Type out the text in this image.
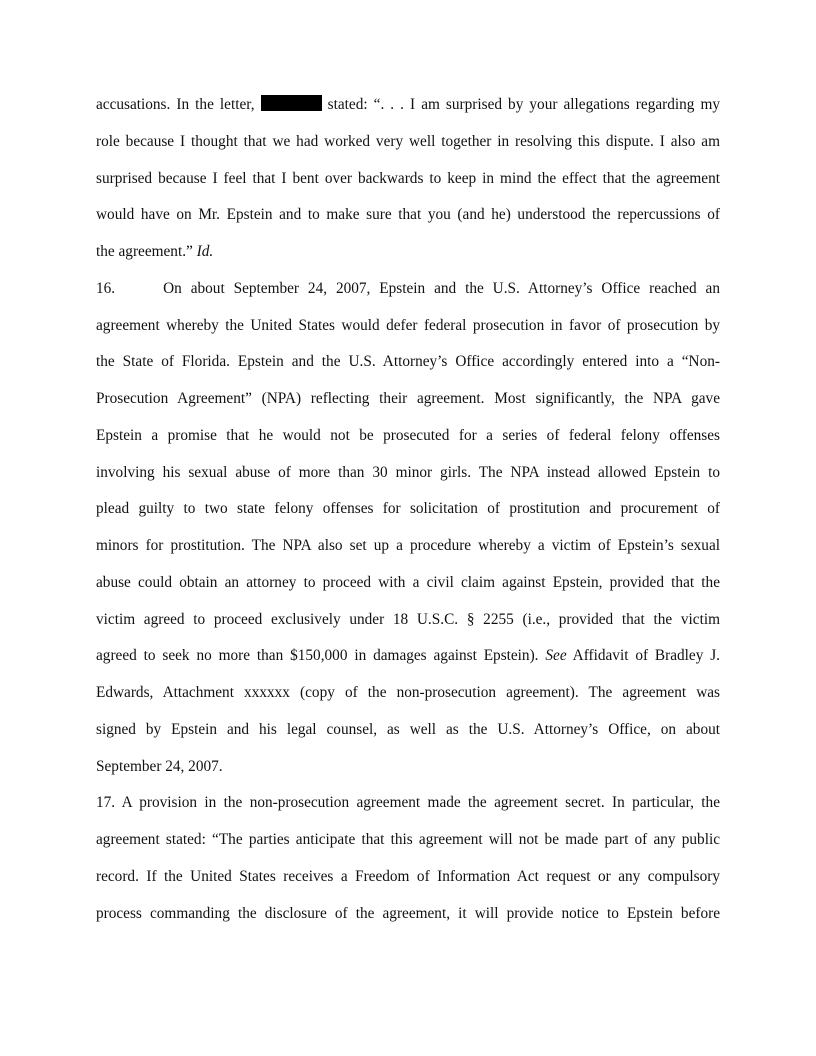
accusations. In the letter,	stated: “. . . I am surprised by your allegations regarding my
role because I thought that we had worked very well together in resolving this dispute. I also am
surprised because I feel that I bent over backwards to keep in mind the effect that the agreement
would have on Mr. Epstein and to make sure that you (and he) understood the repercussions of
the agreement.” Id.
16.	On about September 24, 2007, Epstein and the U.S. Attorney’s Office reached an
agreement whereby the United States would defer federal prosecution in favor of prosecution by
the State of Florida. Epstein and the U.S. Attorney’s Office accordingly entered into a “Non-
Prosecution Agreement” (NPA) reflecting their agreement. Most significantly, the NPA gave
Epstein a promise that he would not be prosecuted for a series of federal felony offenses
involving his sexual abuse of more than 30 minor girls. The NPA instead allowed Epstein to
plead guilty to two state felony offenses for solicitation of prostitution and procurement of
minors for prostitution. The NPA also set up a procedure whereby a victim of Epstein’s sexual
abuse could obtain an attorney to proceed with a civil claim against Epstein, provided that the
victim agreed to proceed exclusively under 18 U.S.C. § 2255 (i.e., provided that the victim
agreed to seek no more than $150,000 in damages against Epstein). See Affidavit of Bradley J.
Edwards, Attachment xxxxxx (copy of the non-prosecution agreement). The agreement was
signed by Epstein and his legal counsel, as well as the U.S. Attorney’s Office, on about
September 24, 2007.
17. A provision in the non-prosecution agreement made the agreement secret. In particular, the
agreement stated: “The parties anticipate that this agreement will not be made part of any public
record. If the United States receives a Freedom of Information Act request or any compulsory
process commanding the disclosure of the agreement, it will provide notice to Epstein before
